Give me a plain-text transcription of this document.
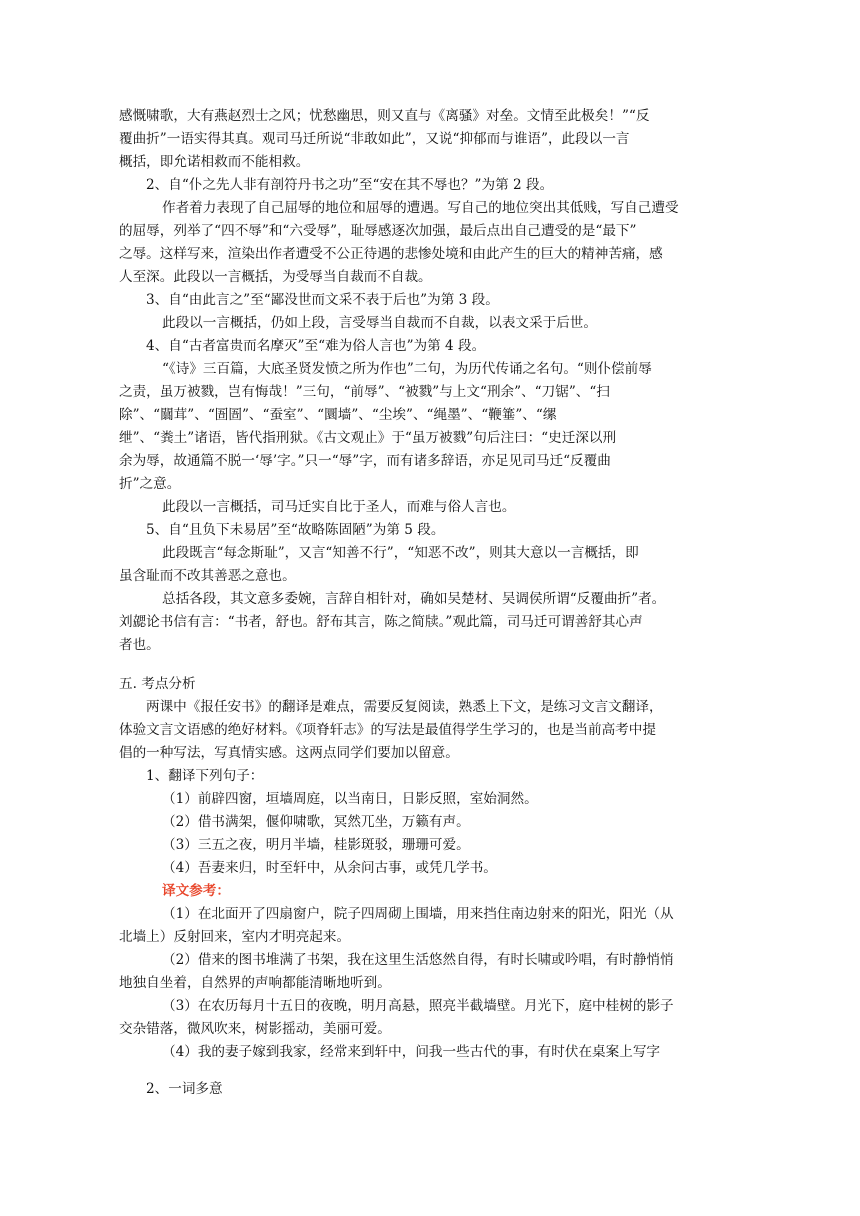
感慨啸歌，大有燕赵烈士之风；忧愁幽思，则又直与《离骚》对垒。文情至此极矣！”“反
覆曲折”一语实得其真。观司马迁所说“非敢如此”，又说“抑郁而与谁语”，此段以一言
概括，即允诺相救而不能相救。
2、自“仆之先人非有剖符丹书之功”至“安在其不辱也？”为第 2 段。
作者着力表现了自己屈辱的地位和屈辱的遭遇。写自己的地位突出其低贱，写自己遭受
的屈辱，列举了“四不辱”和“六受辱”，耻辱感逐次加强，最后点出自己遭受的是“最下”
之辱。这样写来，渲染出作者遭受不公正待遇的悲惨处境和由此产生的巨大的精神苦痛，感
人至深。此段以一言概括，为受辱当自裁而不自裁。
3、自“由此言之”至“鄙没世而文采不表于后也”为第 3 段。
此段以一言概括，仍如上段，言受辱当自裁而不自裁，以表文采于后世。
4、自“古者富贵而名摩灭”至“难为俗人言也”为第 4 段。
“《诗》三百篇，大底圣贤发愤之所为作也”二句，为历代传诵之名句。“则仆偿前辱
之责，虽万被戮，岂有悔哉！”三句，“前辱”、“被戮”与上文“刑余”、“刀锯”、“扫
除”、“闒茸”、“圄圄”、“蚕室”、“圜墙”、“尘埃”、“绳墨”、“鞭箠”、“缧
绁”、“粪土”诸语，皆代指刑狱。《古文观止》于“虽万被戮”句后注曰：“史迁深以刑
余为辱，故通篇不脱一‘辱’字。”只一“辱”字，而有诸多辞语，亦足见司马迁“反覆曲
折”之意。
此段以一言概括，司马迁实自比于圣人，而难与俗人言也。
5、自“且负下未易居”至“故略陈固陋”为第 5 段。
此段既言“每念斯耻”，又言“知善不行”，“知恶不改”，则其大意以一言概括，即
虽含耻而不改其善恶之意也。
总括各段，其文意多委婉，言辞自相针对，确如吴楚材、吴调侯所谓“反覆曲折”者。
刘勰论书信有言：“书者，舒也。舒布其言，陈之简牍。”观此篇，司马迁可谓善舒其心声
者也。
五. 考点分析
两课中《报任安书》的翻译是难点，需要反复阅读，熟悉上下文，是练习文言文翻译，
体验文言文语感的绝好材料。《项脊轩志》的写法是最值得学生学习的，也是当前高考中提
倡的一种写法，写真情实感。这两点同学们要加以留意。
1、翻译下列句子：
（1）前辟四窗，垣墙周庭，以当南日，日影反照，室始洞然。
（2）借书满架，偃仰啸歌，冥然兀坐，万籁有声。
（3）三五之夜，明月半墙，桂影斑驳，珊珊可爱。
（4）吾妻来归，时至轩中，从余问古事，或凭几学书。
译文参考：
（1）在北面开了四扇窗户，院子四周砌上围墙，用来挡住南边射来的阳光，阳光（从
北墙上）反射回来，室内才明亮起来。
（2）借来的图书堆满了书架，我在这里生活悠然自得，有时长啸或吟唱，有时静悄悄
地独自坐着，自然界的声响都能清晰地听到。
（3）在农历每月十五日的夜晚，明月高悬，照亮半截墙壁。月光下，庭中桂树的影子
交杂错落，微风吹来，树影摇动，美丽可爱。
（4）我的妻子嫁到我家，经常来到轩中，问我一些古代的事，有时伏在桌案上写字
2、一词多意
